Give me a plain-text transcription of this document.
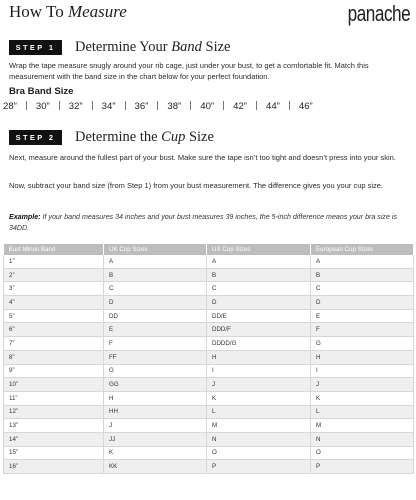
How To Measure	panache
STEP 1	Determine Your Band Size
Wrap the tape measure snugly around your rib cage, just under your bust, to get a comfortable fit. Match this measurement with the band size in the chart below for your perfect foundation.
Bra Band Size
28” 30” 32” 34” 36” 38” 40” 42” 44” 46”
STEP 2	Determine the Cup Size
Next, measure around the fullest part of your bust. Make sure the tape isn’t too tight and doesn’t press into your skin.
Now, subtract your band size (from Step 1) from your bust measurement. The difference gives you your cup size.
Example: If your band measures 34 inches and your bust measures 39 inches, the 5-inch difference means your bra size is 34DD.
Bust Minus Band	UK Cup Sizes	US Cup Sizes	European Cup Sizes
1”	A	A	A
2”	B	B	B
3”	C	C	C
4”	D	D	D
5”	DD	DD/E	E
6”	E	DDD/F	F
7”	F	DDDD/G	G
8”	FF	H	H
9”	G	I	I
10”	GG	J	J
11”	H	K	K
12”	HH	L	L
13”	J	M	M
14”	JJ	N	N
15”	K	O	O
16”	KK	P	P
